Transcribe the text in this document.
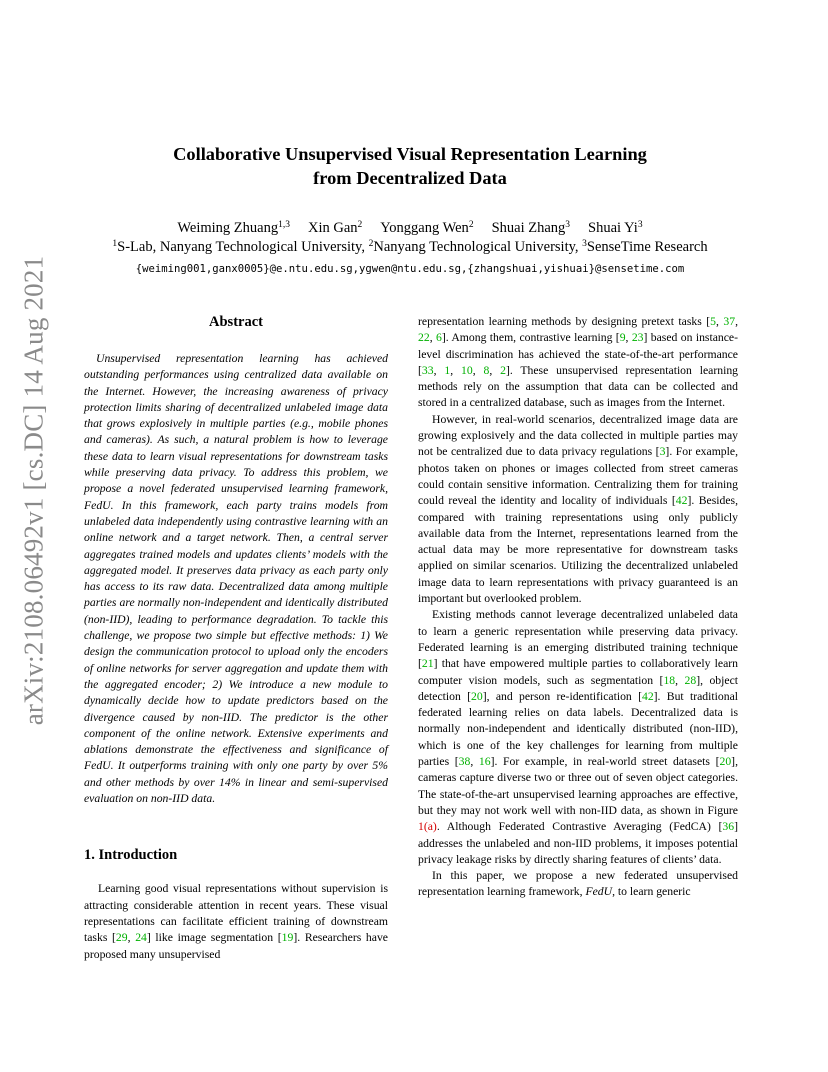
arXiv:2108.06492v1 [cs.DC] 14 Aug 2021
Collaborative Unsupervised Visual Representation Learning
from Decentralized Data
Weiming Zhuang$^{1,3}$ Xin Gan$^2$ Yonggang Wen$^2$ Shuai Zhang$^3$ Shuai Yi$^3$
$^1$S-Lab, Nanyang Technological University, $^2$Nanyang Technological University, $^3$SenseTime Research
{weiming001,ganx0005}@e.ntu.edu.sg,ygwen@ntu.edu.sg,{zhangshuai,yishuai}@sensetime.com
Abstract

Unsupervised representation learning has achieved outstanding performances using centralized data available on the Internet. However, the increasing awareness of privacy protection limits sharing of decentralized unlabeled image data that grows explosively in multiple parties (e.g., mobile phones and cameras). As such, a natural problem is how to leverage these data to learn visual representations for downstream tasks while preserving data privacy. To address this problem, we propose a novel federated unsupervised learning framework, FedU. In this framework, each party trains models from unlabeled data independently using contrastive learning with an online network and a target network. Then, a central server aggregates trained models and updates clients’ models with the aggregated model. It preserves data privacy as each party only has access to its raw data. Decentralized data among multiple parties are normally non-independent and identically distributed (non-IID), leading to performance degradation. To tackle this challenge, we propose two simple but effective methods: 1) We design the communication protocol to upload only the encoders of online networks for server aggregation and update them with the aggregated encoder; 2) We introduce a new module to dynamically decide how to update predictors based on the divergence caused by non-IID. The predictor is the other component of the online network. Extensive experiments and ablations demonstrate the effectiveness and significance of FedU. It outperforms training with only one party by over 5% and other methods by over 14% in linear and semi-supervised evaluation on non-IID data.

1. Introduction

Learning good visual representations without supervision is attracting considerable attention in recent years. These visual representations can facilitate efficient training of downstream tasks [29, 24] like image segmentation [19]. Researchers have proposed many unsupervised

representation learning methods by designing pretext tasks [5, 37, 22, 6]. Among them, contrastive learning [9, 23] based on instance-level discrimination has achieved the state-of-the-art performance [33, 1, 10, 8, 2]. These unsupervised representation learning methods rely on the assumption that data can be collected and stored in a centralized database, such as images from the Internet.

However, in real-world scenarios, decentralized image data are growing explosively and the data collected in multiple parties may not be centralized due to data privacy regulations [3]. For example, photos taken on phones or images collected from street cameras could contain sensitive information. Centralizing them for training could reveal the identity and locality of individuals [42]. Besides, compared with training representations using only publicly available data from the Internet, representations learned from the actual data may be more representative for downstream tasks applied on similar scenarios. Utilizing the decentralized unlabeled image data to learn representations with privacy guaranteed is an important but overlooked problem.

Existing methods cannot leverage decentralized unlabeled data to learn a generic representation while preserving data privacy. Federated learning is an emerging distributed training technique [21] that have empowered multiple parties to collaboratively learn computer vision models, such as segmentation [18, 28], object detection [20], and person re-identification [42]. But traditional federated learning relies on data labels. Decentralized data is normally non-independent and identically distributed (non-IID), which is one of the key challenges for learning from multiple parties [38, 16]. For example, in real-world street datasets [20], cameras capture diverse two or three out of seven object categories. The state-of-the-art unsupervised learning approaches are effective, but they may not work well with non-IID data, as shown in Figure 1(a). Although Federated Contrastive Averaging (FedCA) [36] addresses the unlabeled and non-IID problems, it imposes potential privacy leakage risks by directly sharing features of clients’ data.

In this paper, we propose a new federated unsupervised representation learning framework, FedU, to learn generic
